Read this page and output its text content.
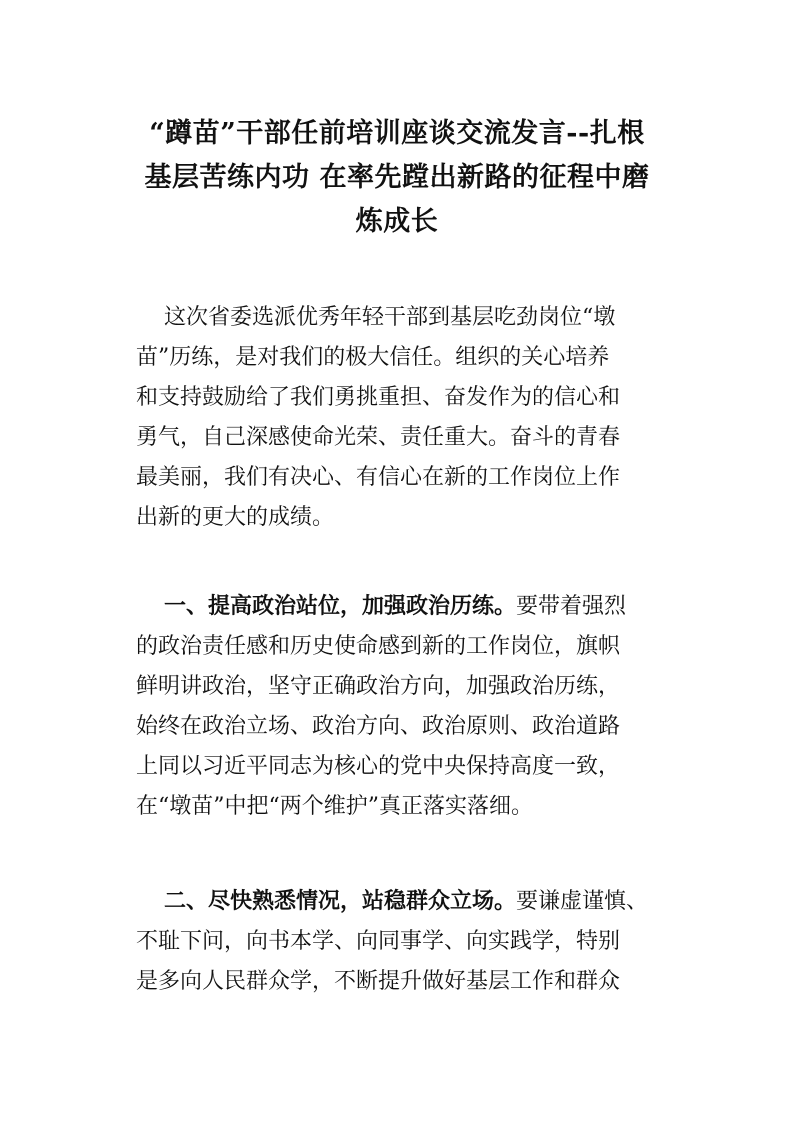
“蹲苗”干部任前培训座谈交流发言--扎根
基层苦练内功 在率先蹚出新路的征程中磨
炼成长
这次省委选派优秀年轻干部到基层吃劲岗位“墩
苗”历练，是对我们的极大信任。组织的关心培养
和支持鼓励给了我们勇挑重担、奋发作为的信心和
勇气，自己深感使命光荣、责任重大。奋斗的青春
最美丽，我们有决心、有信心在新的工作岗位上作
出新的更大的成绩。
一、提高政治站位，加强政治历练。要带着强烈
的政治责任感和历史使命感到新的工作岗位，旗帜
鲜明讲政治，坚守正确政治方向，加强政治历练，
始终在政治立场、政治方向、政治原则、政治道路
上同以习近平同志为核心的党中央保持高度一致，
在“墩苗”中把“两个维护”真正落实落细。
二、尽快熟悉情况，站稳群众立场。要谦虚谨慎、
不耻下问，向书本学、向同事学、向实践学，特别
是多向人民群众学，不断提升做好基层工作和群众
